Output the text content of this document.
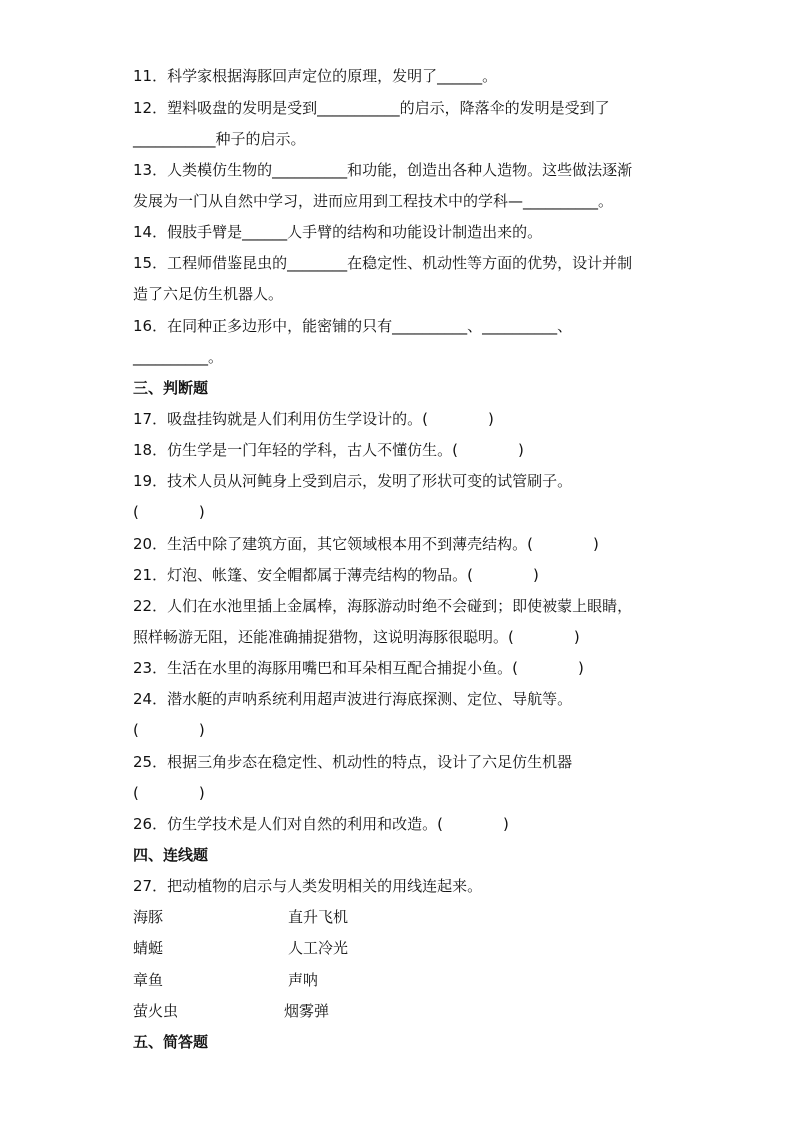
11．科学家根据海豚回声定位的原理，发明了______。
12．塑料吸盘的发明是受到___________的启示，降落伞的发明是受到了
___________种子的启示。
13．人类模仿生物的__________和功能，创造出各种人造物。这些做法逐渐
发展为一门从自然中学习，进而应用到工程技术中的学科—__________。
14．假肢手臂是______人手臂的结构和功能设计制造出来的。
15．工程师借鉴昆虫的________在稳定性、机动性等方面的优势，设计并制
造了六足仿生机器人。
16．在同种正多边形中，能密铺的只有__________、__________、
__________。
三、判断题
17．吸盘挂钩就是人们利用仿生学设计的。(　　　　)
18．仿生学是一门年轻的学科，古人不懂仿生。(　　　　)
19．技术人员从河鲀身上受到启示，发明了形状可变的试管刷子。
(　　　　)
20．生活中除了建筑方面，其它领域根本用不到薄壳结构。(　　　　)
21．灯泡、帐篷、安全帽都属于薄壳结构的物品。(　　　　)
22．人们在水池里插上金属棒，海豚游动时绝不会碰到；即使被蒙上眼睛，
照样畅游无阻，还能准确捕捉猎物，这说明海豚很聪明。(　　　　)
23．生活在水里的海豚用嘴巴和耳朵相互配合捕捉小鱼。(　　　　)
24．潜水艇的声呐系统利用超声波进行海底探测、定位、导航等。
(　　　　)
25．根据三角步态在稳定性、机动性的特点，设计了六足仿生机器
(　　　　)
26．仿生学技术是人们对自然的利用和改造。(　　　　)
四、连线题
27．把动植物的启示与人类发明相关的用线连起来。
海豚	直升飞机
蜻蜓	人工冷光
章鱼	声呐
萤火虫	烟雾弹
五、简答题
